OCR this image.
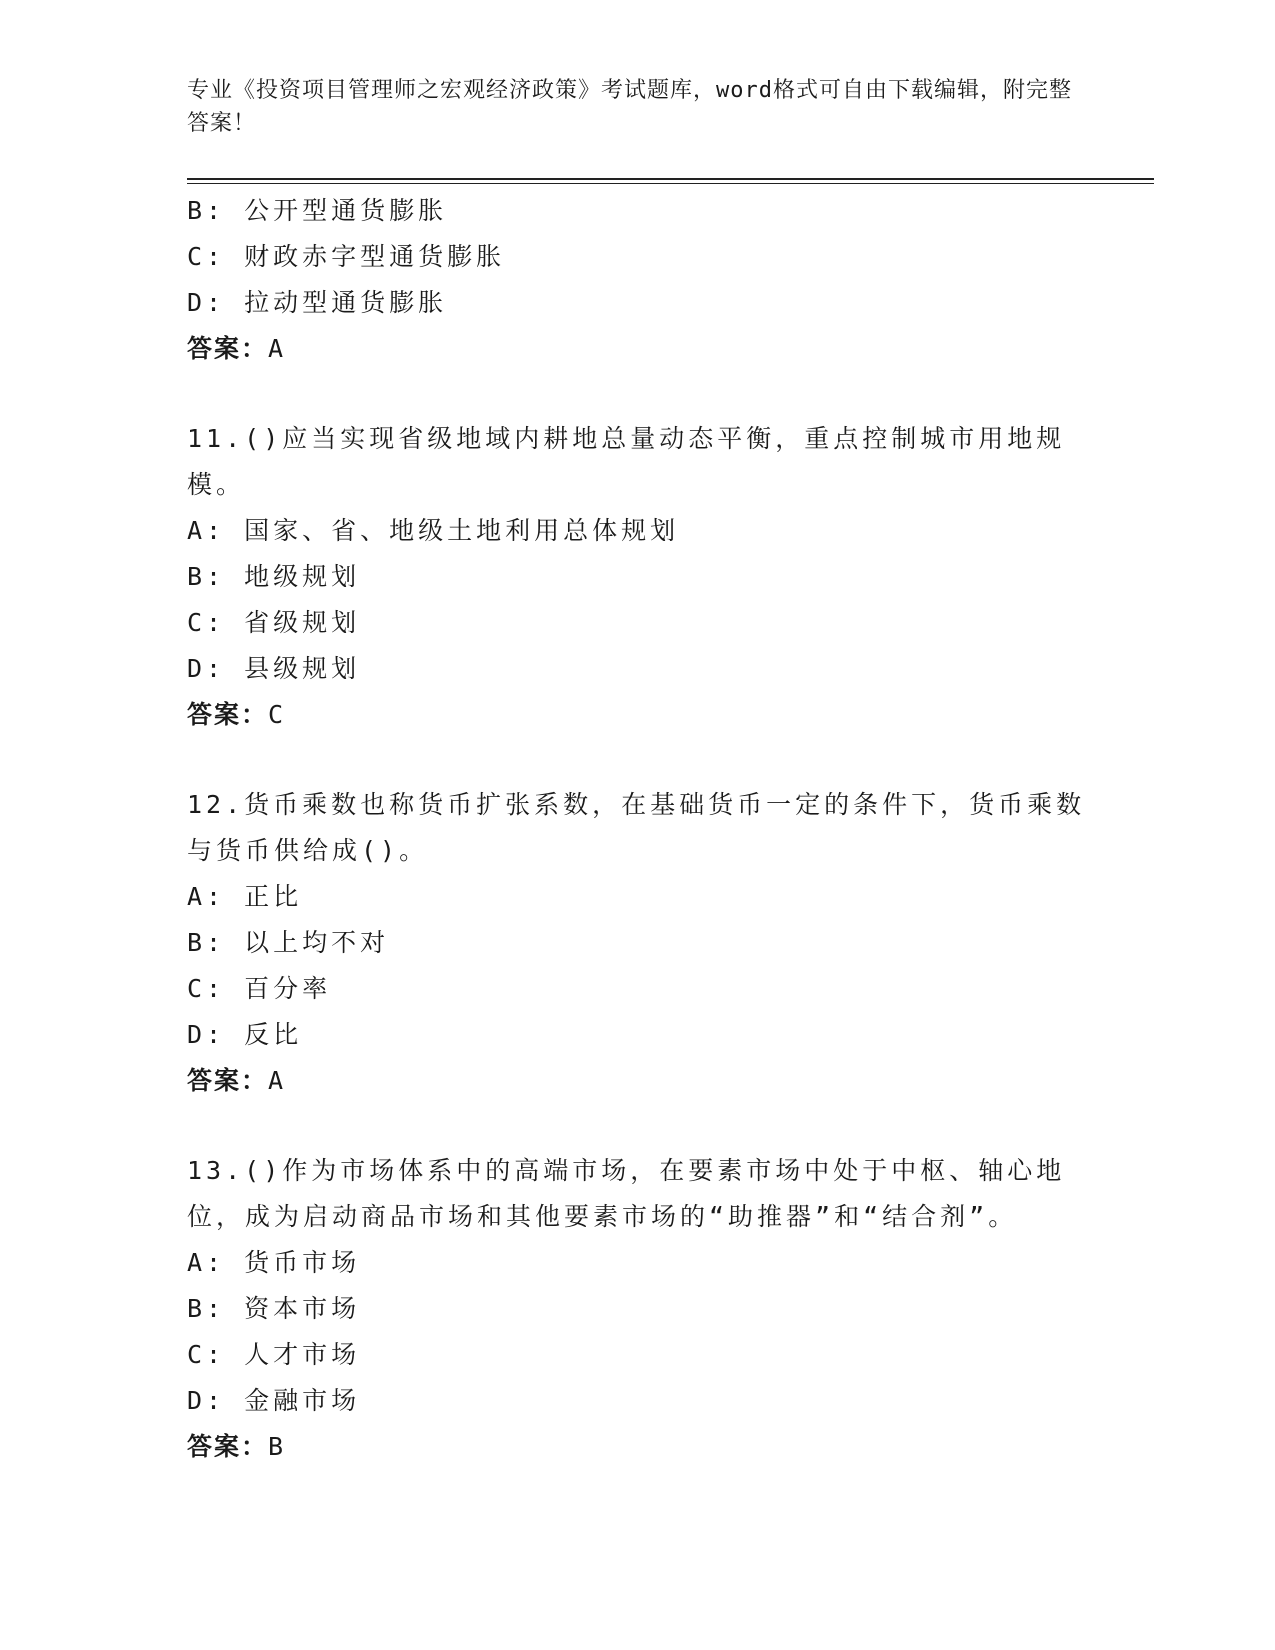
专业《投资项目管理师之宏观经济政策》考试题库，word格式可自由下载编辑，附完整答案！
B: 公开型通货膨胀
C: 财政赤字型通货膨胀
D: 拉动型通货膨胀
答案：A
11.()应当实现省级地域内耕地总量动态平衡，重点控制城市用地规模。
A: 国家、省、地级土地利用总体规划
B: 地级规划
C: 省级规划
D: 县级规划
答案：C
12.货币乘数也称货币扩张系数，在基础货币一定的条件下，货币乘数与货币供给成()。
A: 正比
B: 以上均不对
C: 百分率
D: 反比
答案：A
13.()作为市场体系中的高端市场，在要素市场中处于中枢、轴心地位，成为启动商品市场和其他要素市场的“助推器”和“结合剂”。
A: 货币市场
B: 资本市场
C: 人才市场
D: 金融市场
答案：B
